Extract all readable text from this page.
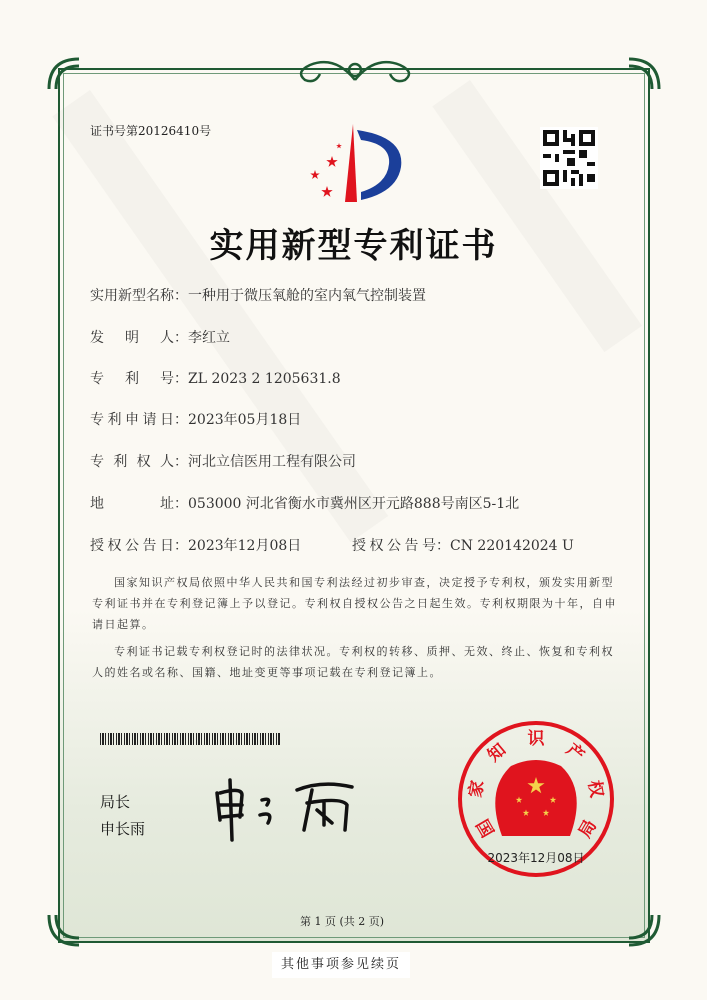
证书号第20126410号
实用新型专利证书
实用新型名称 ： 一种用于微压氧舱的室内氧气控制装置
发明人 ： 李红立
专利号 ： ZL 2023 2 1205631.8
专利申请日 ： 2023年05月18日
专利权人 ： 河北立信医用工程有限公司
地址 ： 053000 河北省衡水市冀州区开元路888号南区5-1北
授权公告日 ： 2023年12月08日	授权公告号 ： CN 220142024 U
国家知识产权局依照中华人民共和国专利法经过初步审查，决定授予专利权，颁发实用新型专利证书并在专利登记簿上予以登记。专利权自授权公告之日起生效。专利权期限为十年，自申请日起算。
专利证书记载专利权登记时的法律状况。专利权的转移、质押、无效、终止、恢复和专利权人的姓名或名称、国籍、地址变更等事项记载在专利登记簿上。
局长
申长雨	国
家
知
识
产
权
局
2023年12月08日
第 1 页 (共 2 页)
其他事项参见续页
